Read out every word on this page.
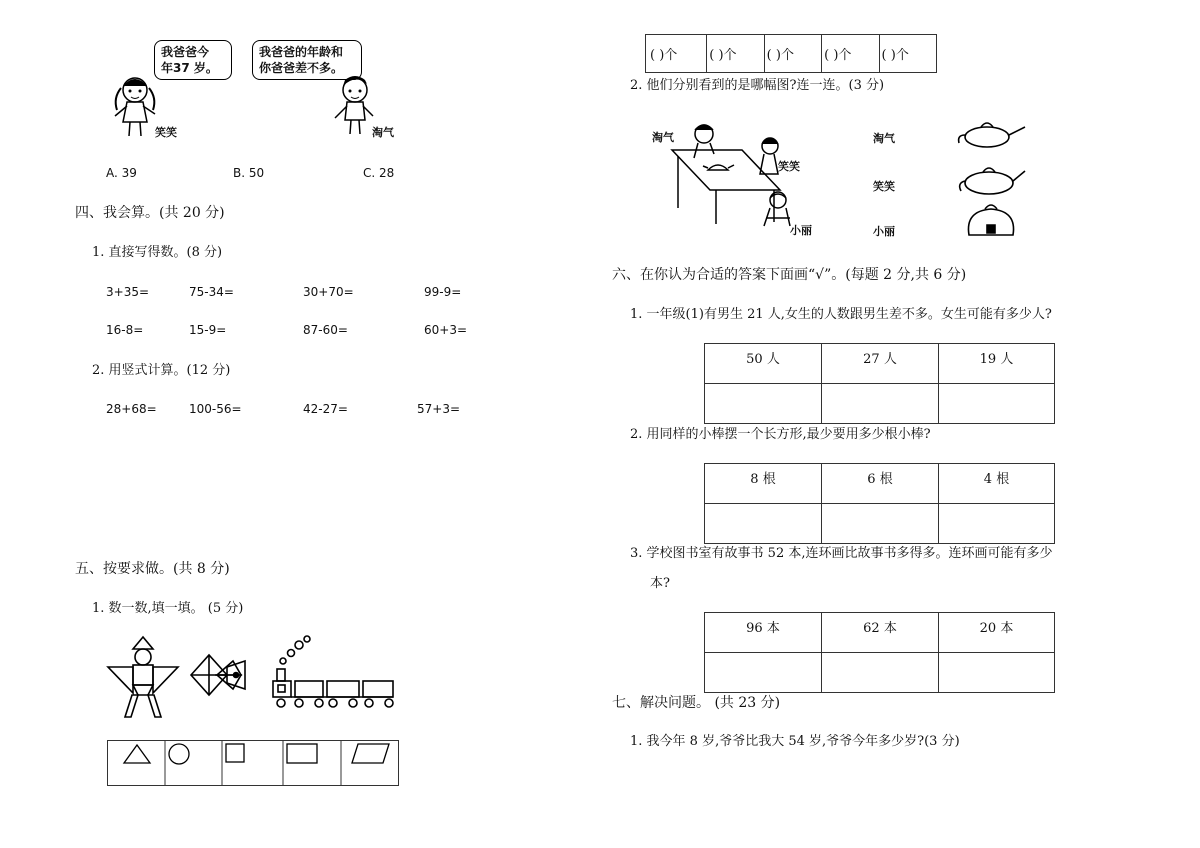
我爸爸今
年37 岁。
笑笑
我爸爸的年龄和
你爸爸差不多。
淘气
A. 39	B. 50	C. 28
四、我会算。(共 20 分)
1. 直接写得数。(8 分)
3+35=	75-34=	30+70=	99-9=
16-8=	15-9=	87-60=	60+3=
2. 用竖式计算。(12 分)
28+68=	100-56=	42-27=	57+3=
五、按要求做。(共 8 分)
1. 数一数,填一填。 (5 分)
( )个	( )个	( )个	( )个	( )个
2. 他们分别看到的是哪幅图?连一连。(3 分)
淘气
笑笑
小丽
淘气
笑笑
小丽
六、在你认为合适的答案下面画“√”。(每题 2 分,共 6 分)
1. 一年级(1)有男生 21 人,女生的人数跟男生差不多。女生可能有多少人?
50 人	27 人	19 人

2. 用同样的小棒摆一个长方形,最少要用多少根小棒?
8 根	6 根	4 根

3. 学校图书室有故事书 52 本,连环画比故事书多得多。连环画可能有多少
本?
96 本	62 本	20 本

七、解决问题。 (共 23 分)
1. 我今年 8 岁,爷爷比我大 54 岁,爷爷今年多少岁?(3 分)
